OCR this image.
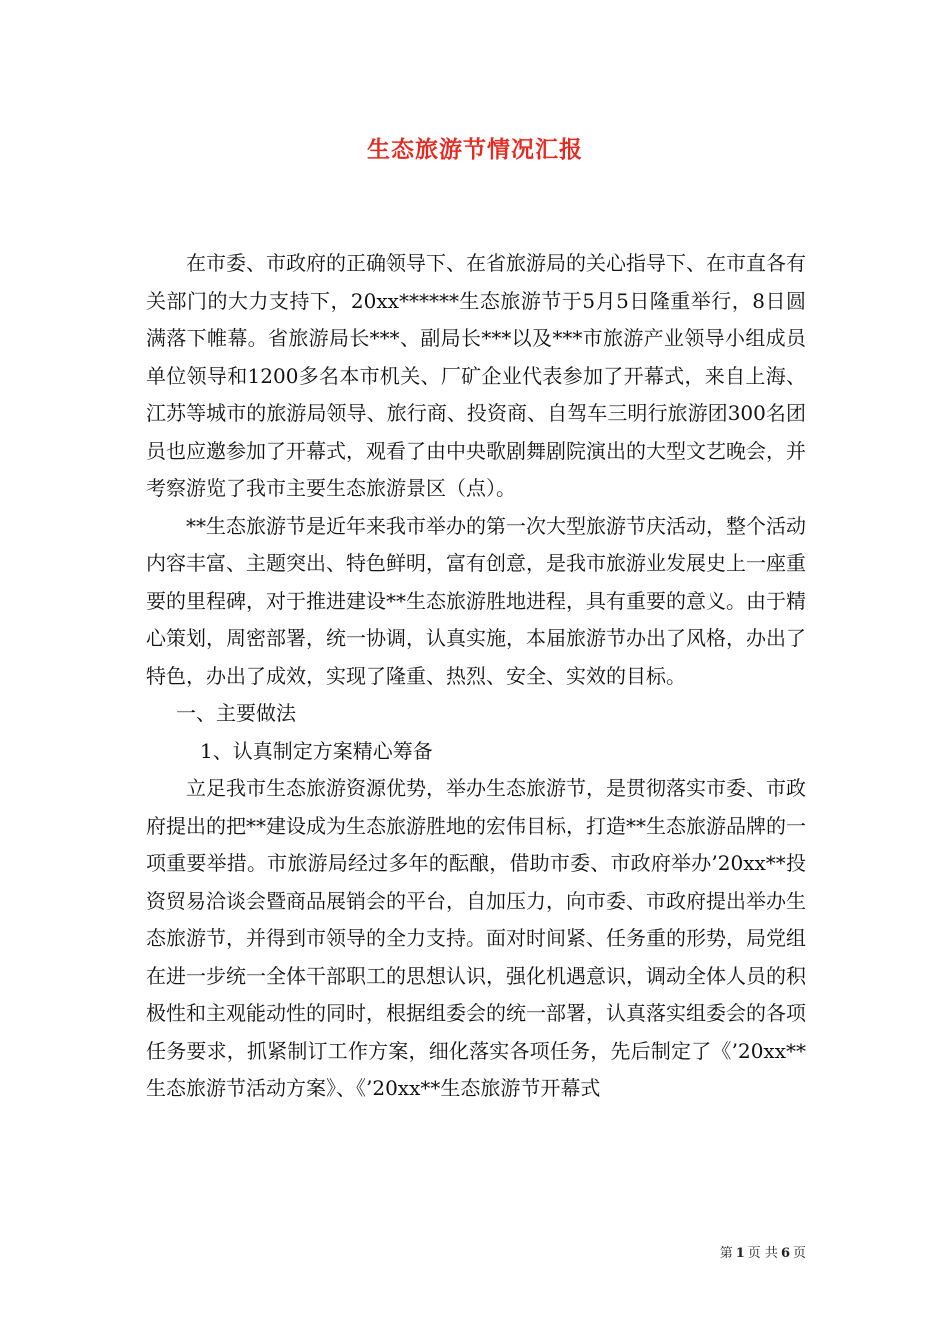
生态旅游节情况汇报

在市委、市政府的正确领导下、在省旅游局的关心指导下、在市直各有关部门的大力支持下，20xx******生态旅游节于5月5日隆重举行，8日圆满落下帷幕。省旅游局长***、副局长***以及***市旅游产业领导小组成员单位领导和1200多名本市机关、厂矿企业代表参加了开幕式，来自上海、江苏等城市的旅游局领导、旅行商、投资商、自驾车三明行旅游团300名团员也应邀参加了开幕式，观看了由中央歌剧舞剧院演出的大型文艺晚会，并考察游览了我市主要生态旅游景区（点）。

**生态旅游节是近年来我市举办的第一次大型旅游节庆活动，整个活动内容丰富、主题突出、特色鲜明，富有创意，是我市旅游业发展史上一座重要的里程碑，对于推进建设**生态旅游胜地进程，具有重要的意义。由于精心策划，周密部署，统一协调，认真实施，本届旅游节办出了风格，办出了特色，办出了成效，实现了隆重、热烈、安全、实效的目标。

一、主要做法

1、认真制定方案精心筹备

立足我市生态旅游资源优势，举办生态旅游节，是贯彻落实市委、市政府提出的把**建设成为生态旅游胜地的宏伟目标，打造**生态旅游品牌的一项重要举措。市旅游局经过多年的酝酿，借助市委、市政府举办’20xx**投资贸易洽谈会暨商品展销会的平台，自加压力，向市委、市政府提出举办生态旅游节，并得到市领导的全力支持。面对时间紧、任务重的形势，局党组在进一步统一全体干部职工的思想认识，强化机遇意识，调动全体人员的积极性和主观能动性的同时，根据组委会的统一部署，认真落实组委会的各项任务要求，抓紧制订工作方案，细化落实各项任务，先后制定了《’20xx**生态旅游节活动方案》、《’20xx**生态旅游节开幕式

第 1 页 共 6 页
